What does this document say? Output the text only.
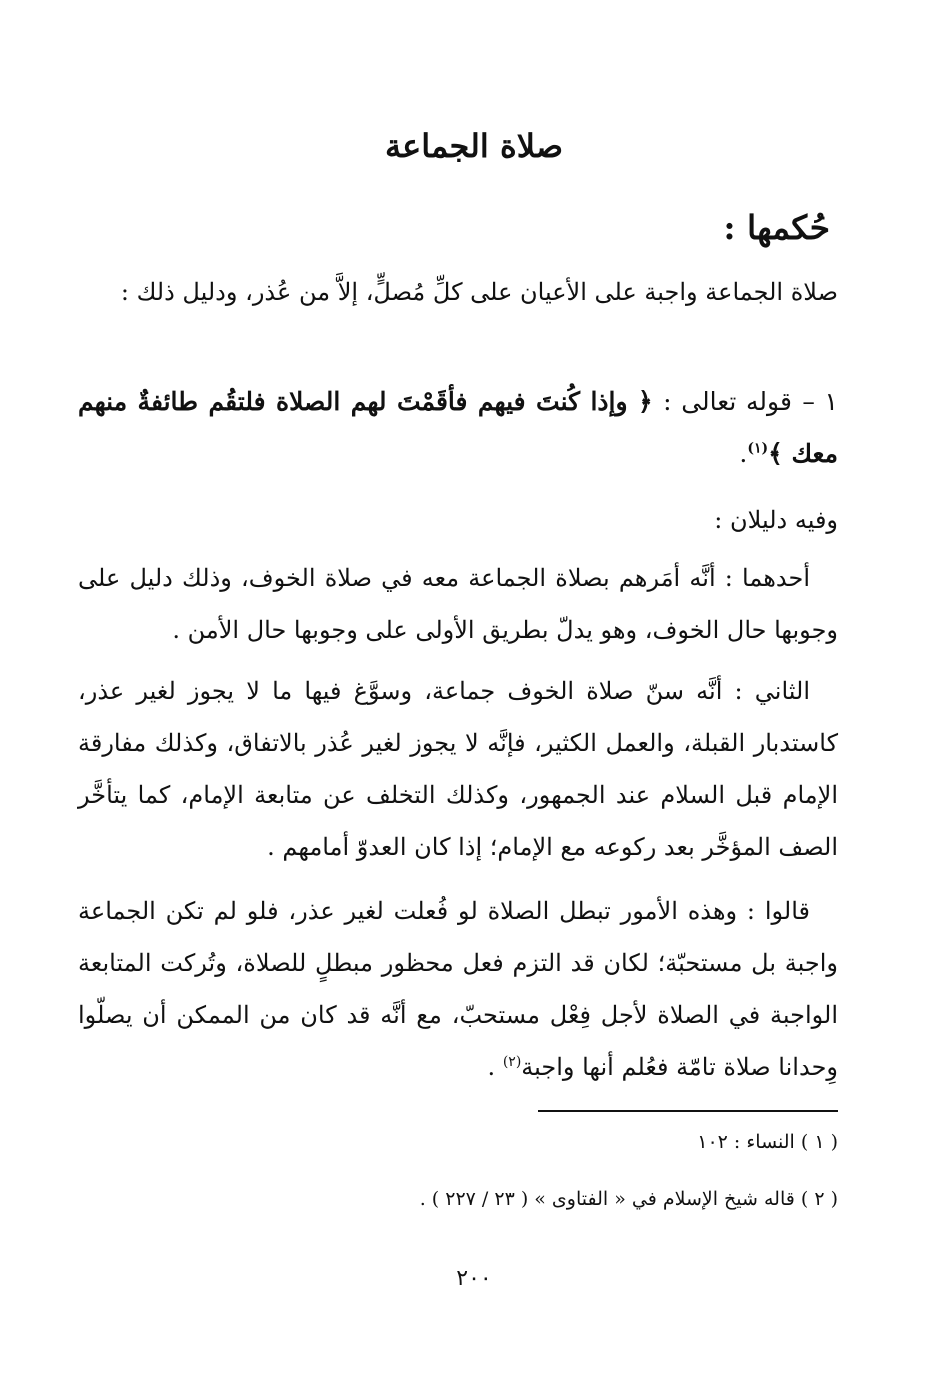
صلاة الجماعة
حُكمها :
صلاة الجماعة واجبة على الأعيان على كلِّ مُصلٍّ، إلاَّ من عُذر، ودليل ذلك :
١ – قوله تعالى : ﴿ وإذا كُنتَ فيهم فأقَمْتَ لهم الصلاة فلتقُم طائفةٌ منهم معك ﴾$^{(١)}$.
وفيه دليلان :
أحدهما : أنَّه أمَرهم بصلاة الجماعة معه في صلاة الخوف، وذلك دليل على وجوبها حال الخوف، وهو يدلّ بطريق الأولى على وجوبها حال الأمن .
الثاني : أنَّه سنّ صلاة الخوف جماعة، وسوَّغ فيها ما لا يجوز لغير عذر، كاستدبار القبلة، والعمل الكثير، فإنَّه لا يجوز لغير عُذر بالاتفاق، وكذلك مفارقة الإمام قبل السلام عند الجمهور، وكذلك التخلف عن متابعة الإمام، كما يتأخَّر الصف المؤخَّر بعد ركوعه مع الإمام؛ إذا كان العدوّ أمامهم .
قالوا : وهذه الأمور تبطل الصلاة لو فُعلت لغير عذر، فلو لم تكن الجماعة واجبة بل مستحبّة؛ لكان قد التزم فعل محظور مبطلٍ للصلاة، وتُركت المتابعة الواجبة في الصلاة لأجل فِعْل مستحبّ، مع أنَّه قد كان من الممكن أن يصلّوا وِحدانا صلاة تامّة فعُلم أنها واجبة$^{(٢)}$ .
( ١ ) النساء : ١٠٢
( ٢ ) قاله شيخ الإسلام في « الفتاوى » ( ٢٣ / ٢٢٧ ) .
٢٠٠
